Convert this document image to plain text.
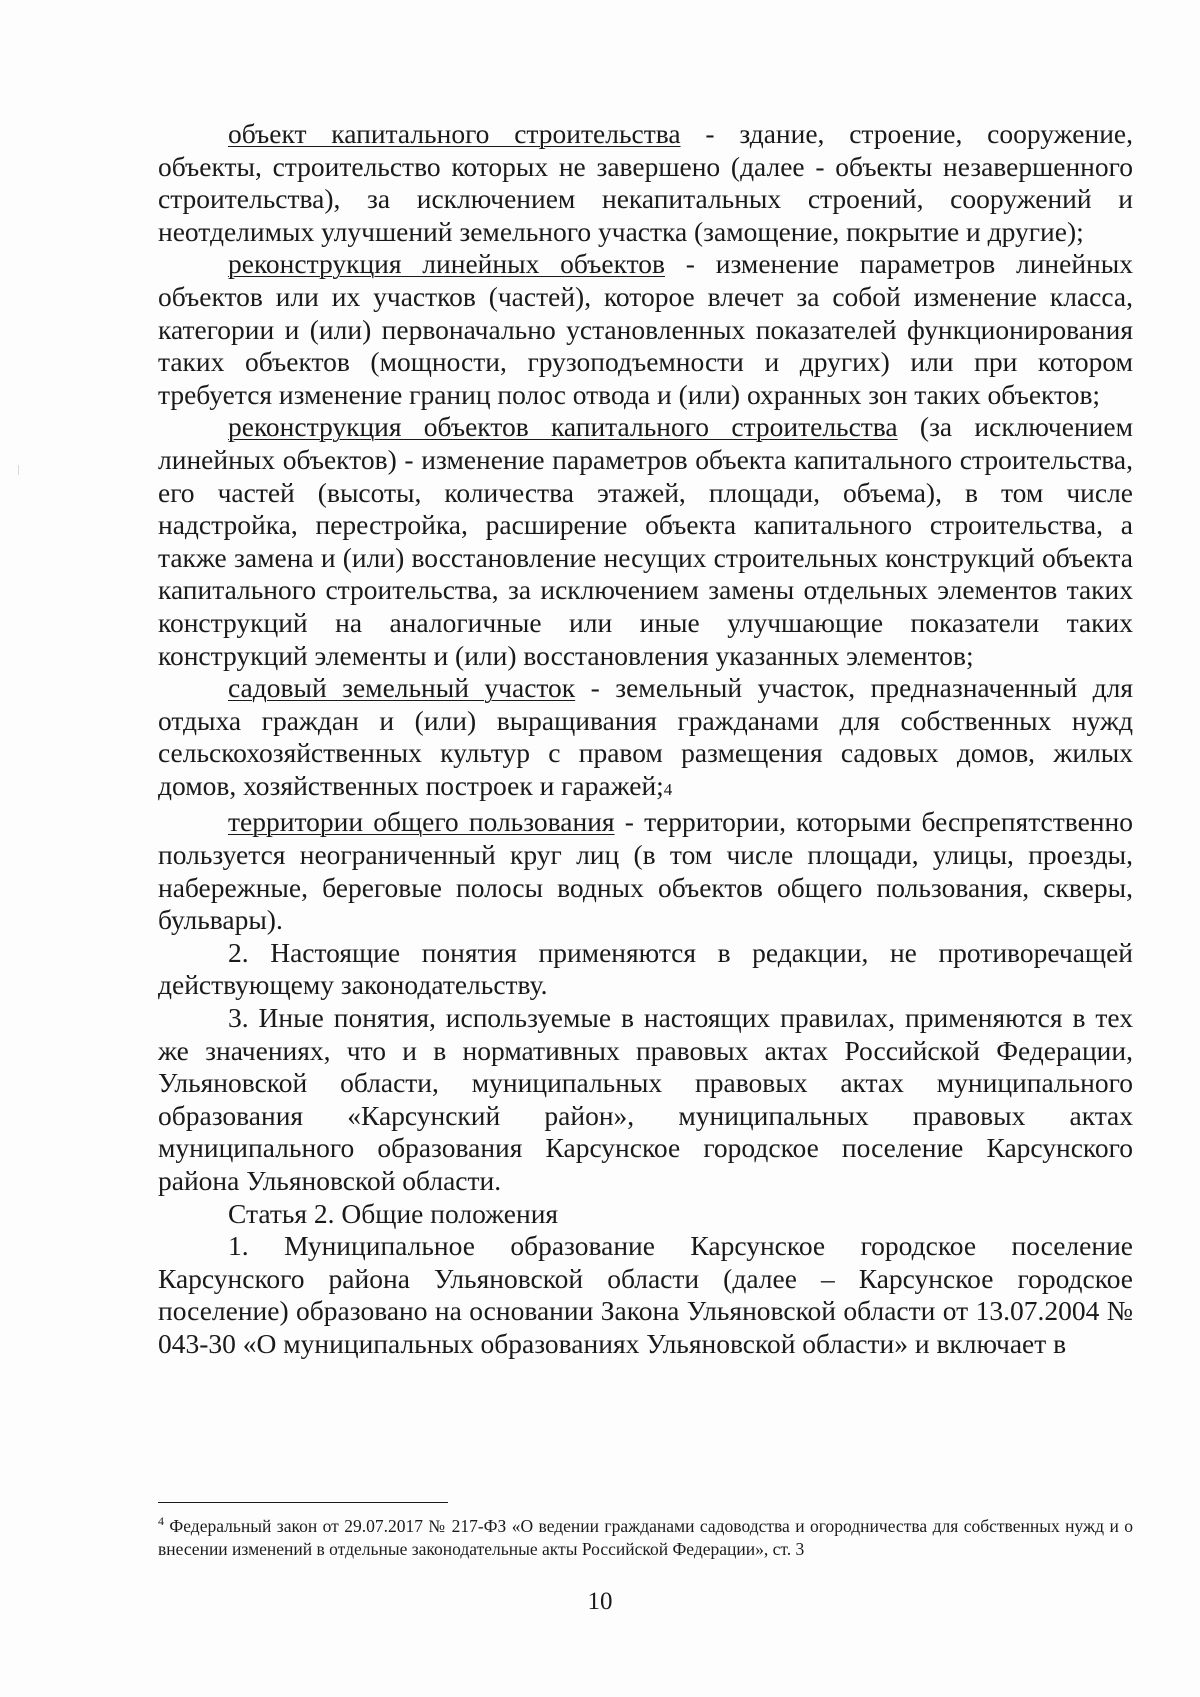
объект капитального строительства - здание, строение, сооружение, объекты, строительство которых не завершено (далее - объекты незавершенного строительства), за исключением некапитальных строений, сооружений и неотделимых улучшений земельного участка (замощение, покрытие и другие);

реконструкция линейных объектов - изменение параметров линейных объектов или их участков (частей), которое влечет за собой изменение класса, категории и (или) первоначально установленных показателей функционирования таких объектов (мощности, грузоподъемности и других) или при котором требуется изменение границ полос отвода и (или) охранных зон таких объектов;

реконструкция объектов капитального строительства (за исключением линейных объектов) - изменение параметров объекта капитального строительства, его частей (высоты, количества этажей, площади, объема), в том числе надстройка, перестройка, расширение объекта капитального строительства, а также замена и (или) восстановление несущих строительных конструкций объекта капитального строительства, за исключением замены отдельных элементов таких конструкций на аналогичные или иные улучшающие показатели таких конструкций элементы и (или) восстановления указанных элементов;

садовый земельный участок - земельный участок, предназначенный для отдыха граждан и (или) выращивания гражданами для собственных нужд сельскохозяйственных культур с правом размещения садовых домов, жилых домов, хозяйственных построек и гаражей;4

территории общего пользования - территории, которыми беспрепятственно пользуется неограниченный круг лиц (в том числе площади, улицы, проезды, набережные, береговые полосы водных объектов общего пользования, скверы, бульвары).

2. Настоящие понятия применяются в редакции, не противоречащей действующему законодательству.

3. Иные понятия, используемые в настоящих правилах, применяются в тех же значениях, что и в нормативных правовых актах Российской Федерации, Ульяновской области, муниципальных правовых актах муниципального образования «Карсунский район», муниципальных правовых актах муниципального образования Карсунское городское поселение Карсунского района Ульяновской области.

Статья 2. Общие положения

1. Муниципальное образование Карсунское городское поселение Карсунского района Ульяновской области (далее – Карсунское городское поселение) образовано на основании Закона Ульяновской области от 13.07.2004 № 043-30 «О муниципальных образованиях Ульяновской области» и включает в

$^4$ Федеральный закон от 29.07.2017 № 217-ФЗ «О ведении гражданами садоводства и огородничества для собственных нужд и о внесении изменений в отдельные законодательные акты Российской Федерации», ст. 3
10
